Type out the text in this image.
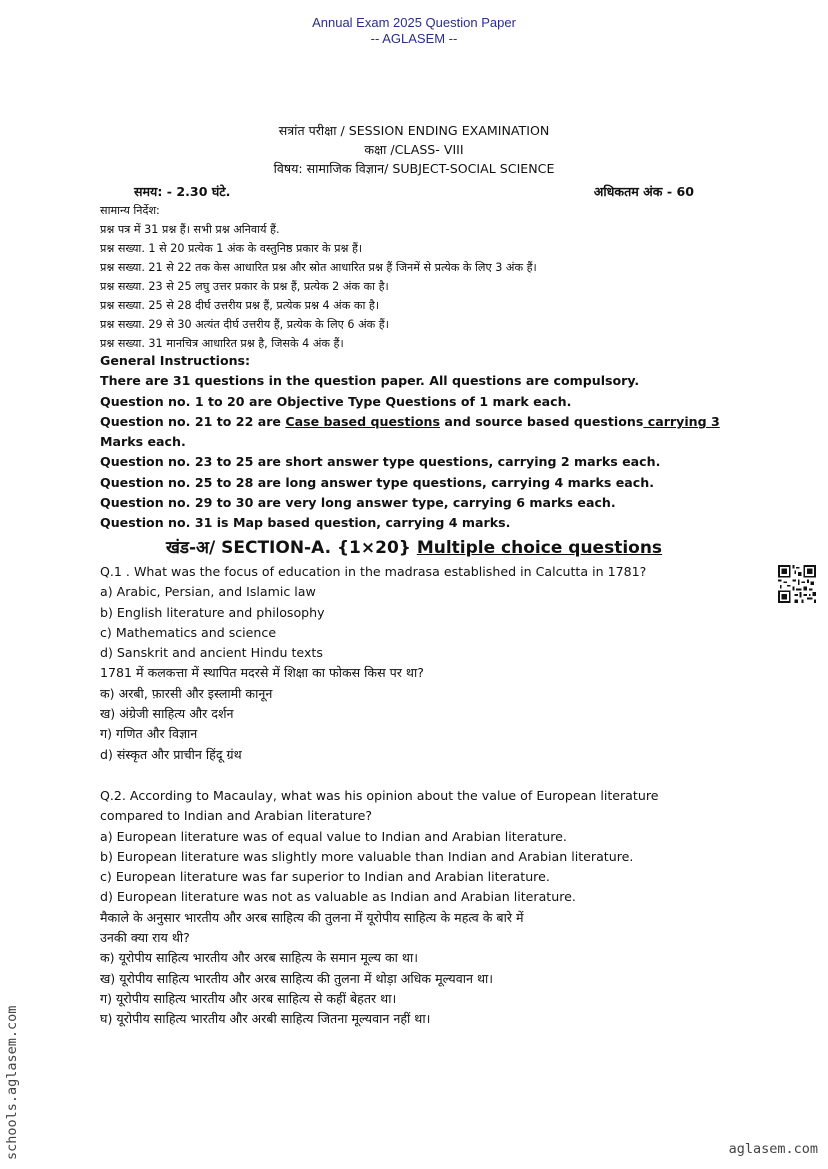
Annual Exam 2025 Question Paper
-- AGLASEM --
सत्रांत परीक्षा / SESSION ENDING EXAMINATION
कक्षा /CLASS- VIII
विषय: सामाजिक विज्ञान/ SUBJECT-SOCIAL SCIENCE
समय: - 2.30 घंटे.	अधिकतम अंक - 60
सामान्य निर्देश:
प्रश्न पत्र में 31 प्रश्न हैं। सभी प्रश्न अनिवार्य हैं.
प्रश्न सख्या. 1 से 20 प्रत्येक 1 अंक के वस्तुनिष्ठ प्रकार के प्रश्न हैं।
प्रश्न सख्या. 21 से 22 तक केस आधारित प्रश्न और स्रोत आधारित प्रश्न हैं जिनमें से प्रत्येक के लिए 3 अंक हैं।
प्रश्न सख्या. 23 से 25 लघु उत्तर प्रकार के प्रश्न हैं, प्रत्येक 2 अंक का है।
प्रश्न सख्या. 25 से 28 दीर्घ उत्तरीय प्रश्न हैं, प्रत्येक प्रश्न 4 अंक का है।
प्रश्न सख्या. 29 से 30 अत्यंत दीर्घ उत्तरीय हैं, प्रत्येक के लिए 6 अंक हैं।
प्रश्न सख्या. 31 मानचित्र आधारित प्रश्न है, जिसके 4 अंक हैं।
General Instructions:
There are 31 questions in the question paper. All questions are compulsory.
Question no. 1 to 20 are Objective Type Questions of 1 mark each.
Question no. 21 to 22 are Case based questions and source based questions carrying 3
Marks each.
Question no. 23 to 25 are short answer type questions, carrying 2 marks each.
Question no. 25 to 28 are long answer type questions, carrying 4 marks each.
Question no. 29 to 30 are very long answer type, carrying 6 marks each.
Question no. 31 is Map based question, carrying 4 marks.
खंड-अ/ SECTION-A. {1×20} Multiple choice questions
Q.1 . What was the focus of education in the madrasa established in Calcutta in 1781?
a) Arabic, Persian, and Islamic law
b) English literature and philosophy
c) Mathematics and science
d) Sanskrit and ancient Hindu texts
1781 में कलकत्ता में स्थापित मदरसे में शिक्षा का फोकस किस पर था?
क) अरबी, फ़ारसी और इस्लामी कानून
ख) अंग्रेजी साहित्य और दर्शन
ग) गणित और विज्ञान
d) संस्कृत और प्राचीन हिंदू ग्रंथ
Q.2. According to Macaulay, what was his opinion about the value of European literature
compared to Indian and Arabian literature?
a) European literature was of equal value to Indian and Arabian literature.
b) European literature was slightly more valuable than Indian and Arabian literature.
c) European literature was far superior to Indian and Arabian literature.
d) European literature was not as valuable as Indian and Arabian literature.
मैकाले के अनुसार भारतीय और अरब साहित्य की तुलना में यूरोपीय साहित्य के महत्व के बारे में
उनकी क्या राय थी?
क) यूरोपीय साहित्य भारतीय और अरब साहित्य के समान मूल्य का था।
ख) यूरोपीय साहित्य भारतीय और अरब साहित्य की तुलना में थोड़ा अधिक मूल्यवान था।
ग) यूरोपीय साहित्य भारतीय और अरब साहित्य से कहीं बेहतर था।
घ) यूरोपीय साहित्य भारतीय और अरबी साहित्य जितना मूल्यवान नहीं था।
schools.aglasem.com	aglasem.com
